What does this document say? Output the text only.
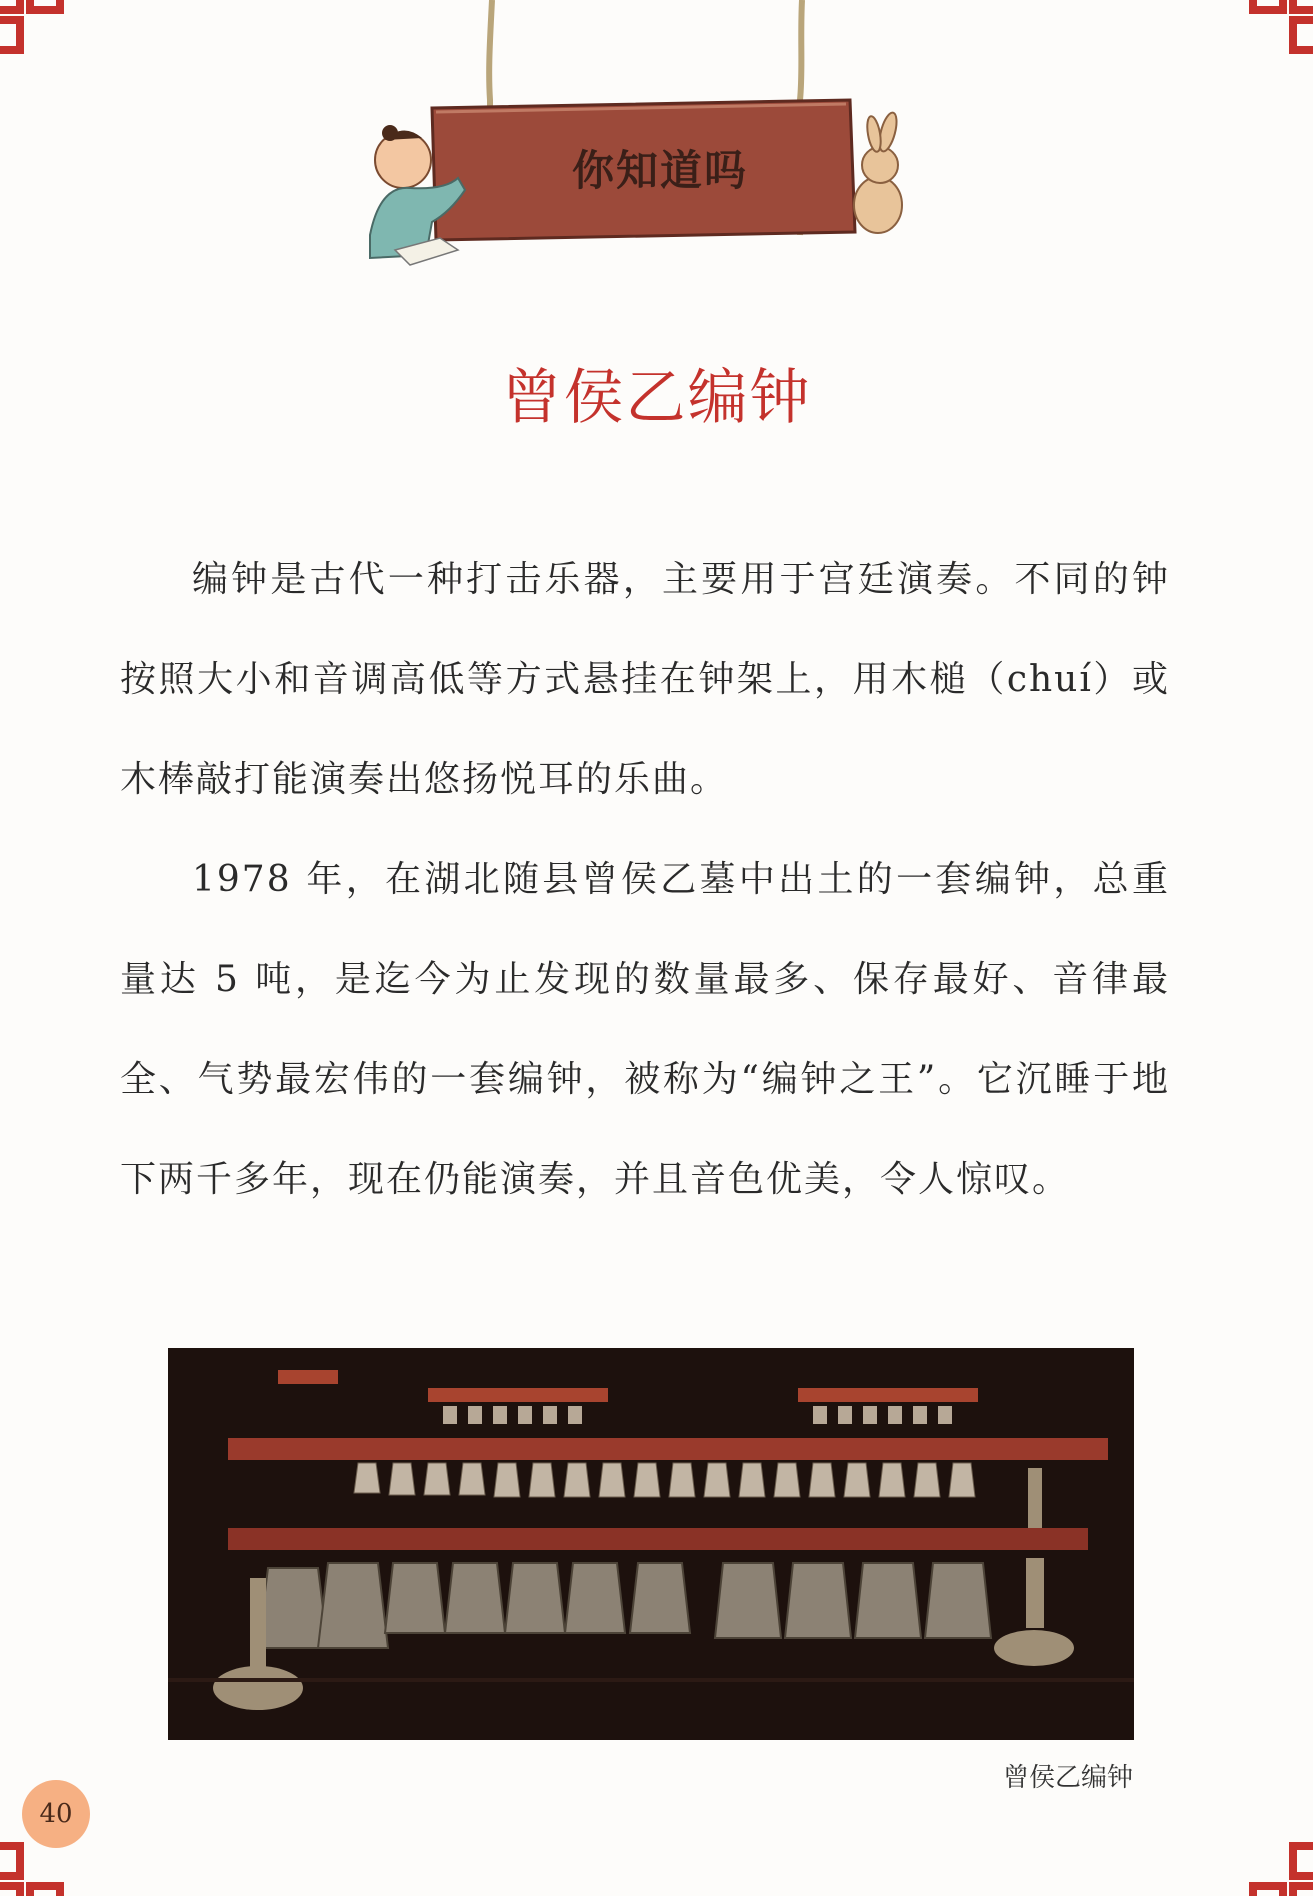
你知道吗
曾侯乙编钟

编钟是古代一种打击乐器，主要用于宫廷演奏。不同的钟按照大小和音调高低等方式悬挂在钟架上，用木槌（chuí）或木棒敲打能演奏出悠扬悦耳的乐曲。

1978 年，在湖北随县曾侯乙墓中出土的一套编钟，总重量达 5 吨，是迄今为止发现的数量最多、保存最好、音律最全、气势最宏伟的一套编钟，被称为“编钟之王”。它沉睡于地下两千多年，现在仍能演奏，并且音色优美，令人惊叹。

曾侯乙编钟
40
